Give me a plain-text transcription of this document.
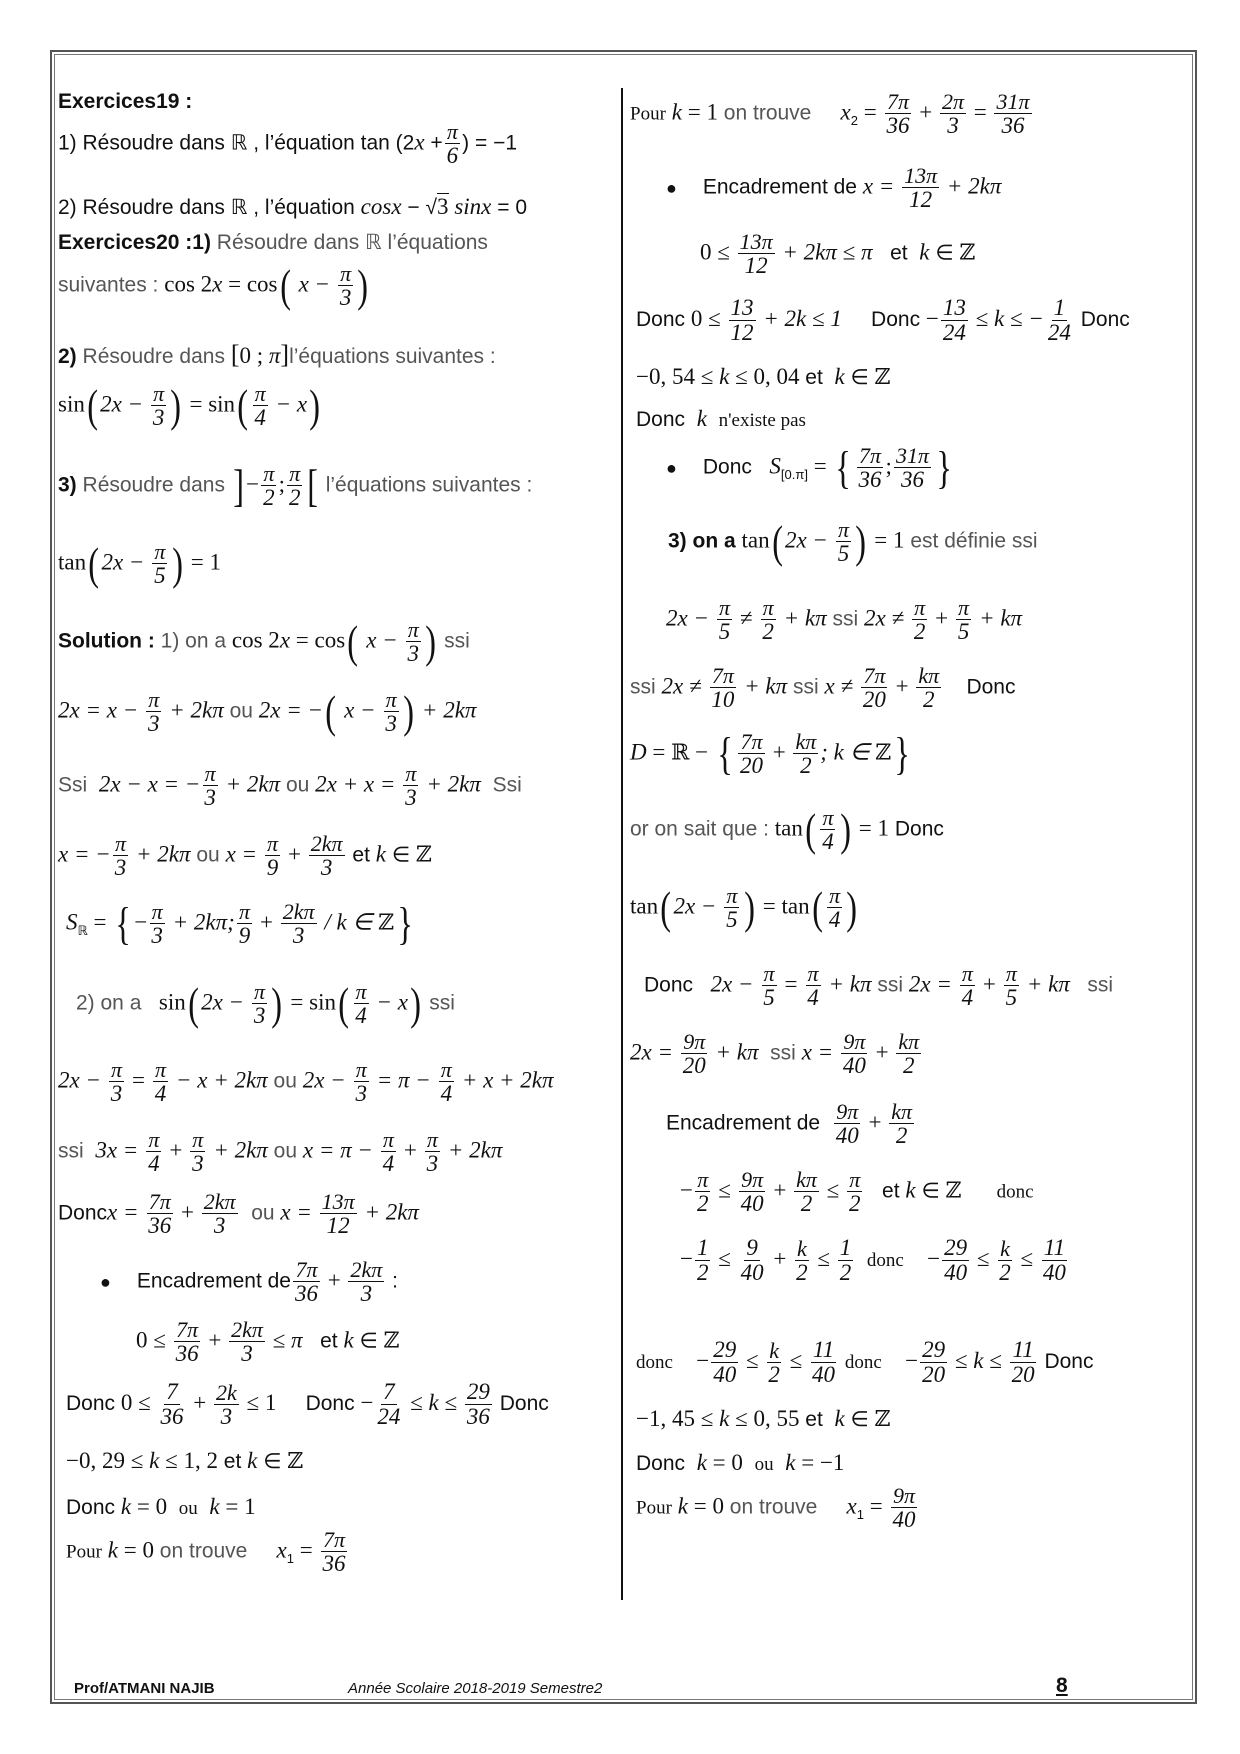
Exercices19 :
1) Résoudre dans ℝ , l’équation $\tan (2x + \frac{\pi}{6}$ ) = −1
2) Résoudre dans ℝ , l’équation cosx − √3 sinx = 0
Exercices20 :1) Résoudre dans ℝ l’équations
suivantes : cos 2x = cos( $x - \frac{\pi}{3}$ )
2) Résoudre dans [0 ; π]l’équations suivantes :
$\sin(2x - \frac{\pi}{3}$ ) = $\sin( \frac{\pi}{4} - x)$
3) Résoudre dans ]− $\frac{\pi}{2}$ ; $\frac{\pi}{2}$ [ l’équations suivantes :
$\tan(2x - \frac{\pi}{5}$ ) = 1
Solution : 1) on a cos 2x = cos( $x - \frac{\pi}{3}$ ) ssi
$2x = x - \frac{\pi}{3} + 2k\pi$ ou 2x = −( $x - \frac{\pi}{3}$ ) + 2kπ
Ssi 2x − x = − $\frac{\pi}{3} + 2k\pi$ ou $2x + x = \frac{\pi}{3} + 2k\pi$ Ssi
x = − $\frac{\pi}{3} + 2k\pi$ ou $x = \frac{\pi}{9} + \frac{2k\pi}{3}$ et k ∈ ℤ
$S_ℝ$ = { − $\frac{\pi}{3} + 2k\pi$; $\frac{\pi}{9} + \frac{2k\pi}{3} / k$ ∈ ℤ}
2) on a $\sin(2x - \frac{\pi}{3}$ ) = $\sin( \frac{\pi}{4} - x)$ ssi
$2x - \frac{\pi}{3} = \frac{\pi}{4} - x + 2k\pi$ ou $2x - \frac{\pi}{3} = \pi - \frac{\pi}{4} + x + 2k\pi$
ssi $3x = \frac{\pi}{4} + \frac{\pi}{3} + 2k\pi$ ou $x = \pi - \frac{\pi}{4} + \frac{\pi}{3} + 2k\pi$
Doncx = $\frac{7\pi}{36} + \frac{2k\pi}{3}$ ou $x = \frac{13\pi}{12} + 2k\pi$
● Encadrement de $\frac{7\pi}{36} + \frac{2k\pi}{3}$ :
$0 \le \frac{7\pi}{36} + \frac{2k\pi}{3} \le \pi$ et k ∈ ℤ
Donc $0 \le \frac{7}{36} + \frac{2k}{3} \le 1$ Donc − $\frac{7}{24} \le k \le \frac{29}{36}$ Donc
−0, 29 ≤ k ≤ 1, 2 et k ∈ ℤ
Donc k = 0 ou k = 1
Pour k = 0 on trouve $x_1 = \frac{7\pi}{36}$
Pour k = 1 on trouve $x_2 = \frac{7\pi}{36} + \frac{2\pi}{3} = \frac{31\pi}{36}$
● Encadrement de $x = \frac{13\pi}{12} + 2k\pi$
$0 \le \frac{13\pi}{12} + 2k\pi \le \pi$ et k ∈ ℤ
Donc $0 \le \frac{13}{12} + 2k \le 1$ Donc − $\frac{13}{24} \le k$ ≤ − $\frac{1}{24}$ Donc
−0, 54 ≤ k ≤ 0, 04 et k ∈ ℤ
Donc k n'existe pas
● Donc $S_{[0.\pi]}$ = { $\frac{7\pi}{36}$ ; $\frac{31\pi}{36}$ }
3) on a $\tan(2x - \frac{\pi}{5}$ ) = 1 est définie ssi
$2x - \frac{\pi}{5} \ne \frac{\pi}{2} + k\pi$ ssi $2x \ne \frac{\pi}{2} + \frac{\pi}{5} + k\pi$
ssi $2x \ne \frac{7\pi}{10} + k\pi$ ssi $x \ne \frac{7\pi}{20} + \frac{k\pi}{2}$ Donc
D = ℝ − { $\frac{7\pi}{20} + \frac{k\pi}{2}$ ; k ∈ ℤ}
or on sait que : $\tan( \frac{\pi}{4}$ ) = 1 Donc
$\tan(2x - \frac{\pi}{5}$ ) = $\tan( \frac{\pi}{4}$ )
Donc $2x - \frac{\pi}{5} = \frac{\pi}{4} + k\pi$ ssi $2x = \frac{\pi}{4} + \frac{\pi}{5} + k\pi$ ssi
$2x = \frac{9\pi}{20} + k\pi$ ssi $x = \frac{9\pi}{40} + \frac{k\pi}{2}$
Encadrement de $\frac{9\pi}{40} + \frac{k\pi}{2}$
− $\frac{\pi}{2} \le \frac{9\pi}{40} + \frac{k\pi}{2} \le \frac{\pi}{2}$ et k ∈ ℤ donc
− $\frac{1}{2} \le \frac{9}{40} + \frac{k}{2} \le \frac{1}{2}$ donc − $\frac{29}{40} \le \frac{k}{2} \le \frac{11}{40}$
donc − $\frac{29}{40} \le \frac{k}{2} \le \frac{11}{40}$ donc − $\frac{29}{20} \le k \le \frac{11}{20}$ Donc
−1, 45 ≤ k ≤ 0, 55 et k ∈ ℤ
Donc k = 0 ou k = −1
Pour k = 0 on trouve $x_1 = \frac{9\pi}{40}$
Prof/ATMANI NAJIB	Année Scolaire 2018-2019 Semestre2	8
